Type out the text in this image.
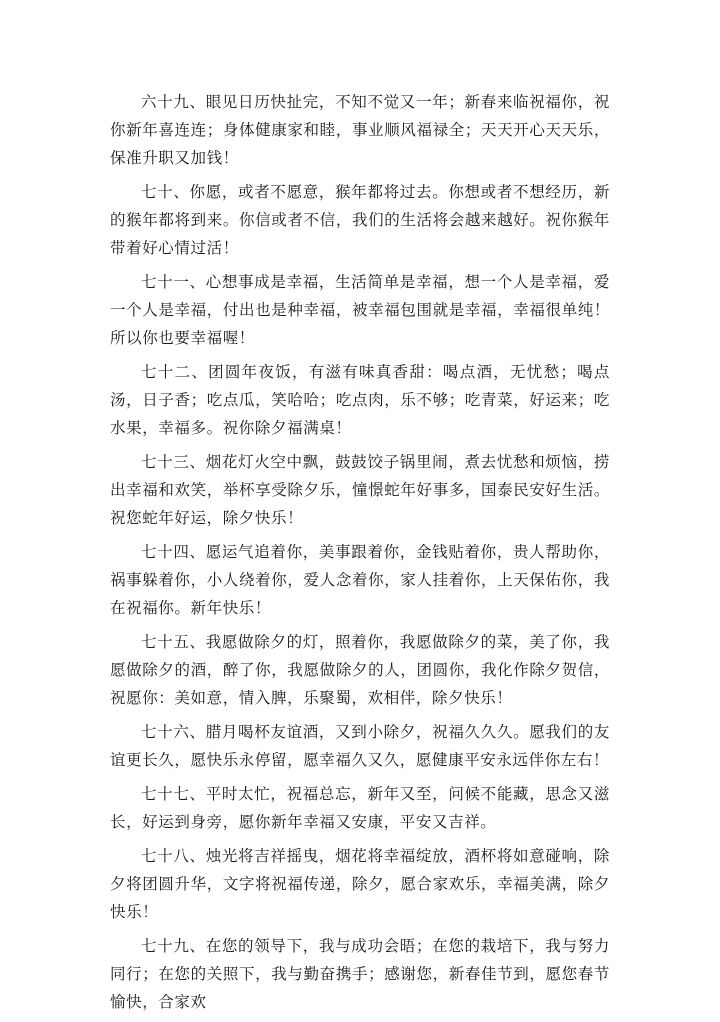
六十九、眼见日历快扯完，不知不觉又一年；新春来临祝福你，祝你新年喜连连；身体健康家和睦，事业顺风福禄全；天天开心天天乐，保准升职又加钱！

七十、你愿，或者不愿意，猴年都将过去。你想或者不想经历，新的猴年都将到来。你信或者不信，我们的生活将会越来越好。祝你猴年带着好心情过活！

七十一、心想事成是幸福，生活简单是幸福，想一个人是幸福，爱一个人是幸福，付出也是种幸福，被幸福包围就是幸福，幸福很单纯！所以你也要幸福喔！

七十二、团圆年夜饭，有滋有味真香甜：喝点酒，无忧愁；喝点汤，日子香；吃点瓜，笑哈哈；吃点肉，乐不够；吃青菜，好运来；吃水果，幸福多。祝你除夕福满桌！

七十三、烟花灯火空中飘，鼓鼓饺子锅里闹，煮去忧愁和烦恼，捞出幸福和欢笑，举杯享受除夕乐，憧憬蛇年好事多，国泰民安好生活。祝您蛇年好运，除夕快乐！

七十四、愿运气追着你，美事跟着你，金钱贴着你，贵人帮助你，祸事躲着你，小人绕着你，爱人念着你，家人挂着你，上天保佑你，我在祝福你。新年快乐！

七十五、我愿做除夕的灯，照着你，我愿做除夕的菜，美了你，我愿做除夕的酒，醉了你，我愿做除夕的人，团圆你，我化作除夕贺信，祝愿你：美如意，情入脾，乐聚蜀，欢相伴，除夕快乐！

七十六、腊月喝杯友谊酒，又到小除夕，祝福久久久。愿我们的友谊更长久，愿快乐永停留，愿幸福久又久，愿健康平安永远伴你左右！

七十七、平时太忙，祝福总忘，新年又至，问候不能藏，思念又滋长，好运到身旁，愿你新年幸福又安康，平安又吉祥。

七十八、烛光将吉祥摇曳，烟花将幸福绽放，酒杯将如意碰响，除夕将团圆升华，文字将祝福传递，除夕，愿合家欢乐，幸福美满，除夕快乐！

七十九、在您的领导下，我与成功会晤；在您的栽培下，我与努力同行；在您的关照下，我与勤奋携手；感谢您，新春佳节到，愿您春节愉快，合家欢
